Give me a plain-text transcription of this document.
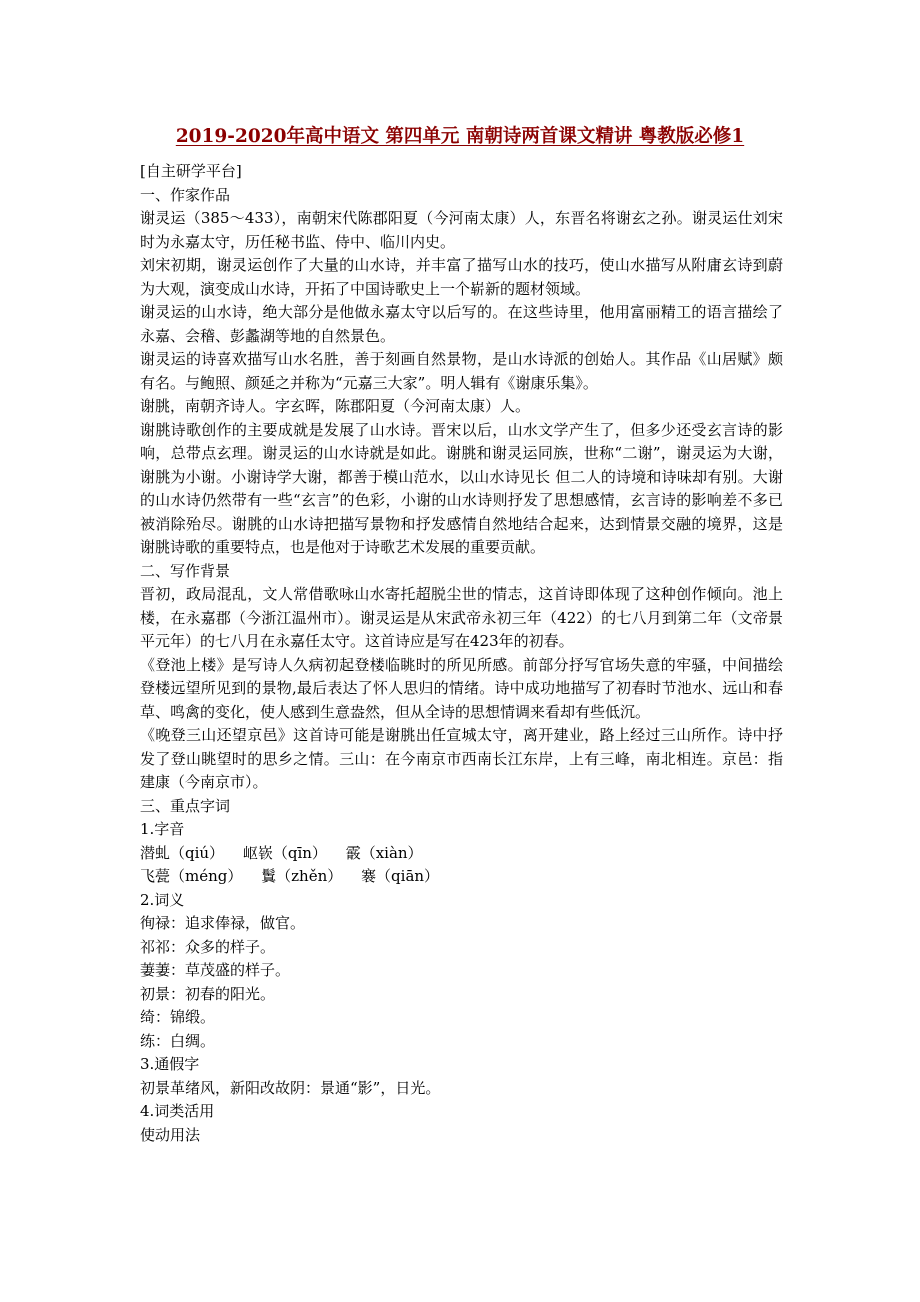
2019-2020年高中语文 第四单元 南朝诗两首课文精讲 粤教版必修1

[自主研学平台]

一、作家作品

谢灵运（385～433），南朝宋代陈郡阳夏（今河南太康）人，东晋名将谢玄之孙。谢灵运仕刘宋时为永嘉太守，历任秘书监、侍中、临川内史。

刘宋初期，谢灵运创作了大量的山水诗，并丰富了描写山水的技巧，使山水描写从附庸玄诗到蔚为大观，演变成山水诗，开拓了中国诗歌史上一个崭新的题材领域。

谢灵运的山水诗，绝大部分是他做永嘉太守以后写的。在这些诗里，他用富丽精工的语言描绘了永嘉、会稽、彭蠡湖等地的自然景色。

谢灵运的诗喜欢描写山水名胜，善于刻画自然景物，是山水诗派的创始人。其作品《山居赋》颇有名。与鲍照、颜延之并称为“元嘉三大家”。明人辑有《谢康乐集》。

谢朓，南朝齐诗人。字玄晖，陈郡阳夏（今河南太康）人。

谢朓诗歌创作的主要成就是发展了山水诗。晋宋以后，山水文学产生了，但多少还受玄言诗的影响，总带点玄理。谢灵运的山水诗就是如此。谢朓和谢灵运同族，世称“二谢”，谢灵运为大谢，谢朓为小谢。小谢诗学大谢，都善于模山范水，以山水诗见长 但二人的诗境和诗味却有别。大谢的山水诗仍然带有一些“玄言”的色彩，小谢的山水诗则抒发了思想感情，玄言诗的影响差不多已被消除殆尽。谢朓的山水诗把描写景物和抒发感情自然地结合起来，达到情景交融的境界，这是谢朓诗歌的重要特点，也是他对于诗歌艺术发展的重要贡献。

二、写作背景

晋初，政局混乱，文人常借歌咏山水寄托超脱尘世的情志，这首诗即体现了这种创作倾向。池上楼，在永嘉郡（今浙江温州市）。谢灵运是从宋武帝永初三年（422）的七八月到第二年（文帝景平元年）的七八月在永嘉任太守。这首诗应是写在423年的初春。

《登池上楼》是写诗人久病初起登楼临眺时的所见所感。前部分抒写官场失意的牢骚，中间描绘登楼远望所见到的景物,最后表达了怀人思归的情绪。诗中成功地描写了初春时节池水、远山和春草、鸣禽的变化，使人感到生意盎然，但从全诗的思想情调来看却有些低沉。

《晚登三山还望京邑》这首诗可能是谢朓出任宣城太守，离开建业，路上经过三山所作。诗中抒发了登山眺望时的思乡之情。三山：在今南京市西南长江东岸，上有三峰，南北相连。京邑：指建康（今南京市）。

三、重点字词

1.字音

潜虬（qiú） 岖嵚（qīn） 霰（xiàn）

飞甍（méng） 鬒（zhěn） 褰（qiān）

2.词义

徇禄：追求俸禄，做官。

祁祁：众多的样子。

萋萋：草茂盛的样子。

初景：初春的阳光。

绮：锦缎。

练：白绸。

3.通假字

初景革绪风，新阳改故阴：景通“影”，日光。

4.词类活用

使动用法
